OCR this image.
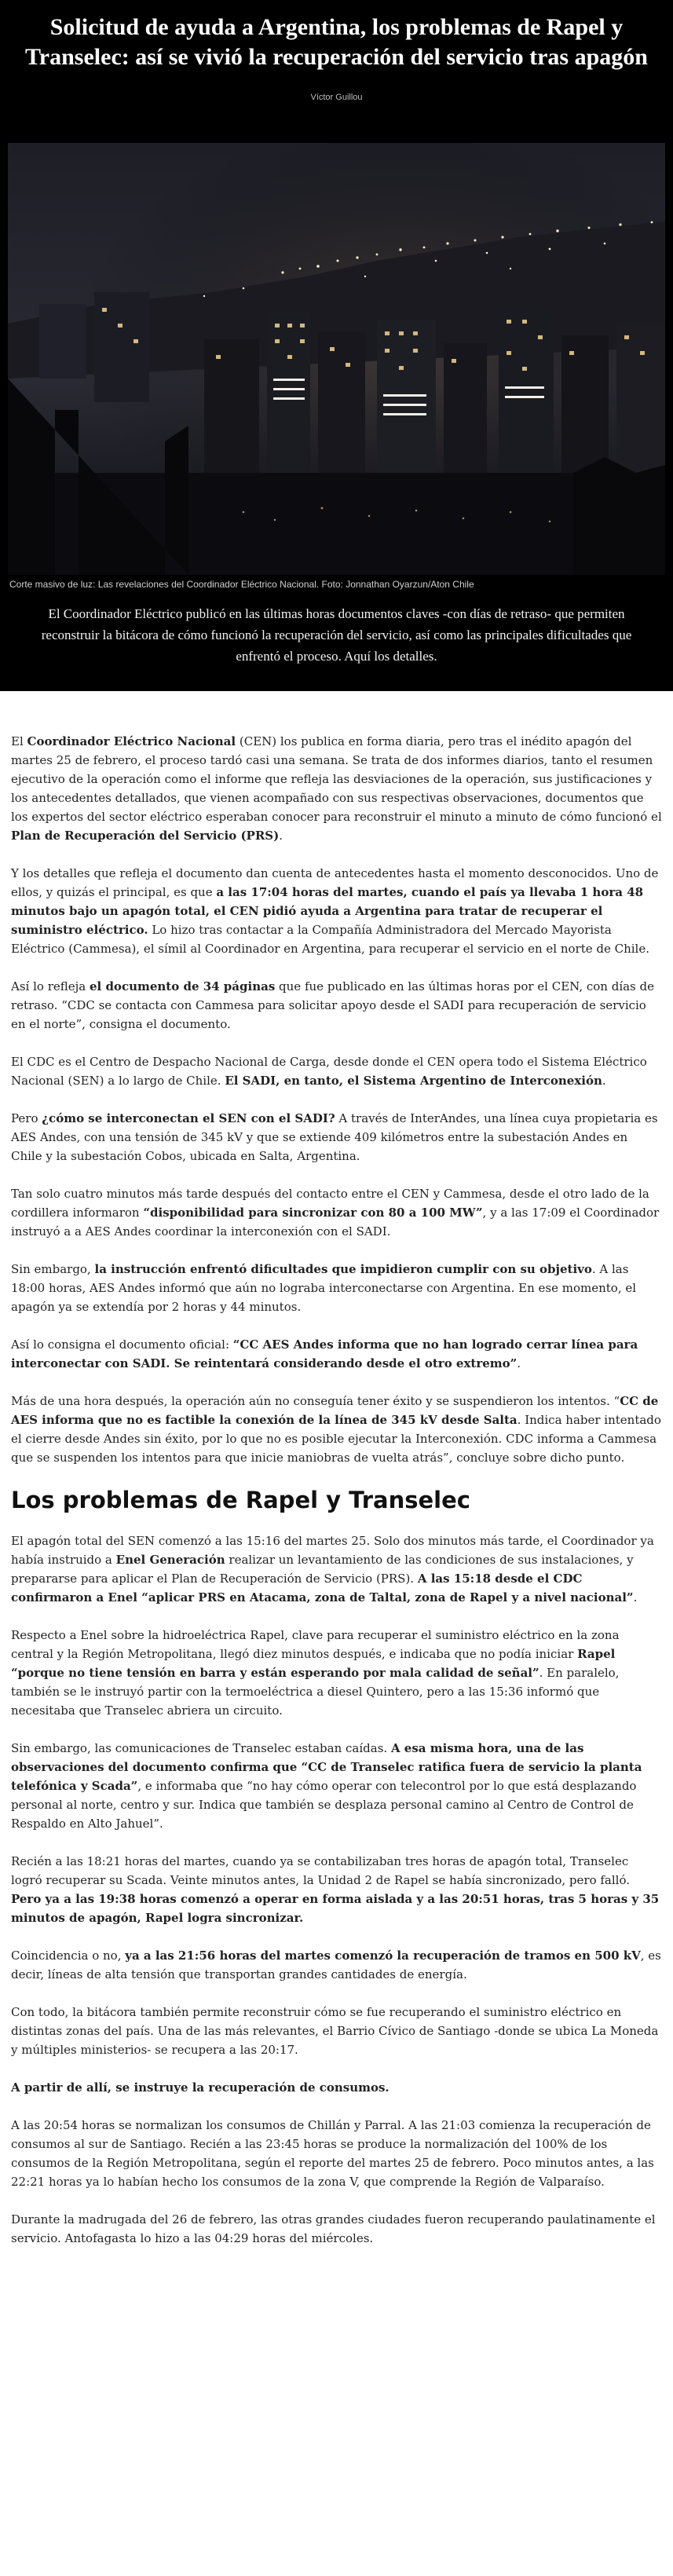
Solicitud de ayuda a Argentina, los problemas de Rapel y Transelec: así se vivió la recuperación del servicio tras apagón
Víctor Guillou
Corte masivo de luz: Las revelaciones del Coordinador Eléctrico Nacional. Foto: Jonnathan Oyarzun/Aton Chile

El Coordinador Eléctrico publicó en las últimas horas documentos claves -con días de retraso- que permiten reconstruir la bitácora de cómo funcionó la recuperación del servicio, así como las principales dificultades que enfrentó el proceso. Aquí los detalles.

El Coordinador Eléctrico Nacional (CEN) los publica en forma diaria, pero tras el inédito apagón del martes 25 de febrero, el proceso tardó casi una semana. Se trata de dos informes diarios, tanto el resumen ejecutivo de la operación como el informe que refleja las desviaciones de la operación, sus justificaciones y los antecedentes detallados, que vienen acompañado con sus respectivas observaciones, documentos que los expertos del sector eléctrico esperaban conocer para reconstruir el minuto a minuto de cómo funcionó el Plan de Recuperación del Servicio (PRS).

Y los detalles que refleja el documento dan cuenta de antecedentes hasta el momento desconocidos. Uno de ellos, y quizás el principal, es que a las 17:04 horas del martes, cuando el país ya llevaba 1 hora 48 minutos bajo un apagón total, el CEN pidió ayuda a Argentina para tratar de recuperar el suministro eléctrico. Lo hizo tras contactar a la Compañía Administradora del Mercado Mayorista Eléctrico (Cammesa), el símil al Coordinador en Argentina, para recuperar el servicio en el norte de Chile.

Así lo refleja el documento de 34 páginas que fue publicado en las últimas horas por el CEN, con días de retraso. “CDC se contacta con Cammesa para solicitar apoyo desde el SADI para recuperación de servicio en el norte”, consigna el documento.

El CDC es el Centro de Despacho Nacional de Carga, desde donde el CEN opera todo el Sistema Eléctrico Nacional (SEN) a lo largo de Chile. El SADI, en tanto, el Sistema Argentino de Interconexión.

Pero ¿cómo se interconectan el SEN con el SADI? A través de InterAndes, una línea cuya propietaria es AES Andes, con una tensión de 345 kV y que se extiende 409 kilómetros entre la subestación Andes en Chile y la subestación Cobos, ubicada en Salta, Argentina.

Tan solo cuatro minutos más tarde después del contacto entre el CEN y Cammesa, desde el otro lado de la cordillera informaron “disponibilidad para sincronizar con 80 a 100 MW”, y a las 17:09 el Coordinador instruyó a a AES Andes coordinar la interconexión con el SADI.

Sin embargo, la instrucción enfrentó dificultades que impidieron cumplir con su objetivo. A las 18:00 horas, AES Andes informó que aún no lograba interconectarse con Argentina. En ese momento, el apagón ya se extendía por 2 horas y 44 minutos.

Así lo consigna el documento oficial: “CC AES Andes informa que no han logrado cerrar línea para interconectar con SADI. Se reintentará considerando desde el otro extremo”.

Más de una hora después, la operación aún no conseguía tener éxito y se suspendieron los intentos. “CC de AES informa que no es factible la conexión de la línea de 345 kV desde Salta. Indica haber intentado el cierre desde Andes sin éxito, por lo que no es posible ejecutar la Interconexión. CDC informa a Cammesa que se suspenden los intentos para que inicie maniobras de vuelta atrás”, concluye sobre dicho punto.

Los problemas de Rapel y Transelec

El apagón total del SEN comenzó a las 15:16 del martes 25. Solo dos minutos más tarde, el Coordinador ya había instruido a Enel Generación realizar un levantamiento de las condiciones de sus instalaciones, y prepararse para aplicar el Plan de Recuperación de Servicio (PRS). A las 15:18 desde el CDC confirmaron a Enel “aplicar PRS en Atacama, zona de Taltal, zona de Rapel y a nivel nacional”.

Respecto a Enel sobre la hidroeléctrica Rapel, clave para recuperar el suministro eléctrico en la zona central y la Región Metropolitana, llegó diez minutos después, e indicaba que no podía iniciar Rapel “porque no tiene tensión en barra y están esperando por mala calidad de señal”. En paralelo, también se le instruyó partir con la termoeléctrica a diesel Quintero, pero a las 15:36 informó que necesitaba que Transelec abriera un circuito.

Sin embargo, las comunicaciones de Transelec estaban caídas. A esa misma hora, una de las observaciones del documento confirma que “CC de Transelec ratifica fuera de servicio la planta telefónica y Scada”, e informaba que “no hay cómo operar con telecontrol por lo que está desplazando personal al norte, centro y sur. Indica que también se desplaza personal camino al Centro de Control de Respaldo en Alto Jahuel”.

Recién a las 18:21 horas del martes, cuando ya se contabilizaban tres horas de apagón total, Transelec logró recuperar su Scada. Veinte minutos antes, la Unidad 2 de Rapel se había sincronizado, pero falló. Pero ya a las 19:38 horas comenzó a operar en forma aislada y a las 20:51 horas, tras 5 horas y 35 minutos de apagón, Rapel logra sincronizar.

Coincidencia o no, ya a las 21:56 horas del martes comenzó la recuperación de tramos en 500 kV, es decir, líneas de alta tensión que transportan grandes cantidades de energía.

Con todo, la bitácora también permite reconstruir cómo se fue recuperando el suministro eléctrico en distintas zonas del país. Una de las más relevantes, el Barrio Cívico de Santiago -donde se ubica La Moneda y múltiples ministerios- se recupera a las 20:17.

A partir de allí, se instruye la recuperación de consumos.

A las 20:54 horas se normalizan los consumos de Chillán y Parral. A las 21:03 comienza la recuperación de consumos al sur de Santiago. Recién a las 23:45 horas se produce la normalización del 100% de los consumos de la Región Metropolitana, según el reporte del martes 25 de febrero. Poco minutos antes, a las 22:21 horas ya lo habían hecho los consumos de la zona V, que comprende la Región de Valparaíso.

Durante la madrugada del 26 de febrero, las otras grandes ciudades fueron recuperando paulatinamente el servicio. Antofagasta lo hizo a las 04:29 horas del miércoles.
